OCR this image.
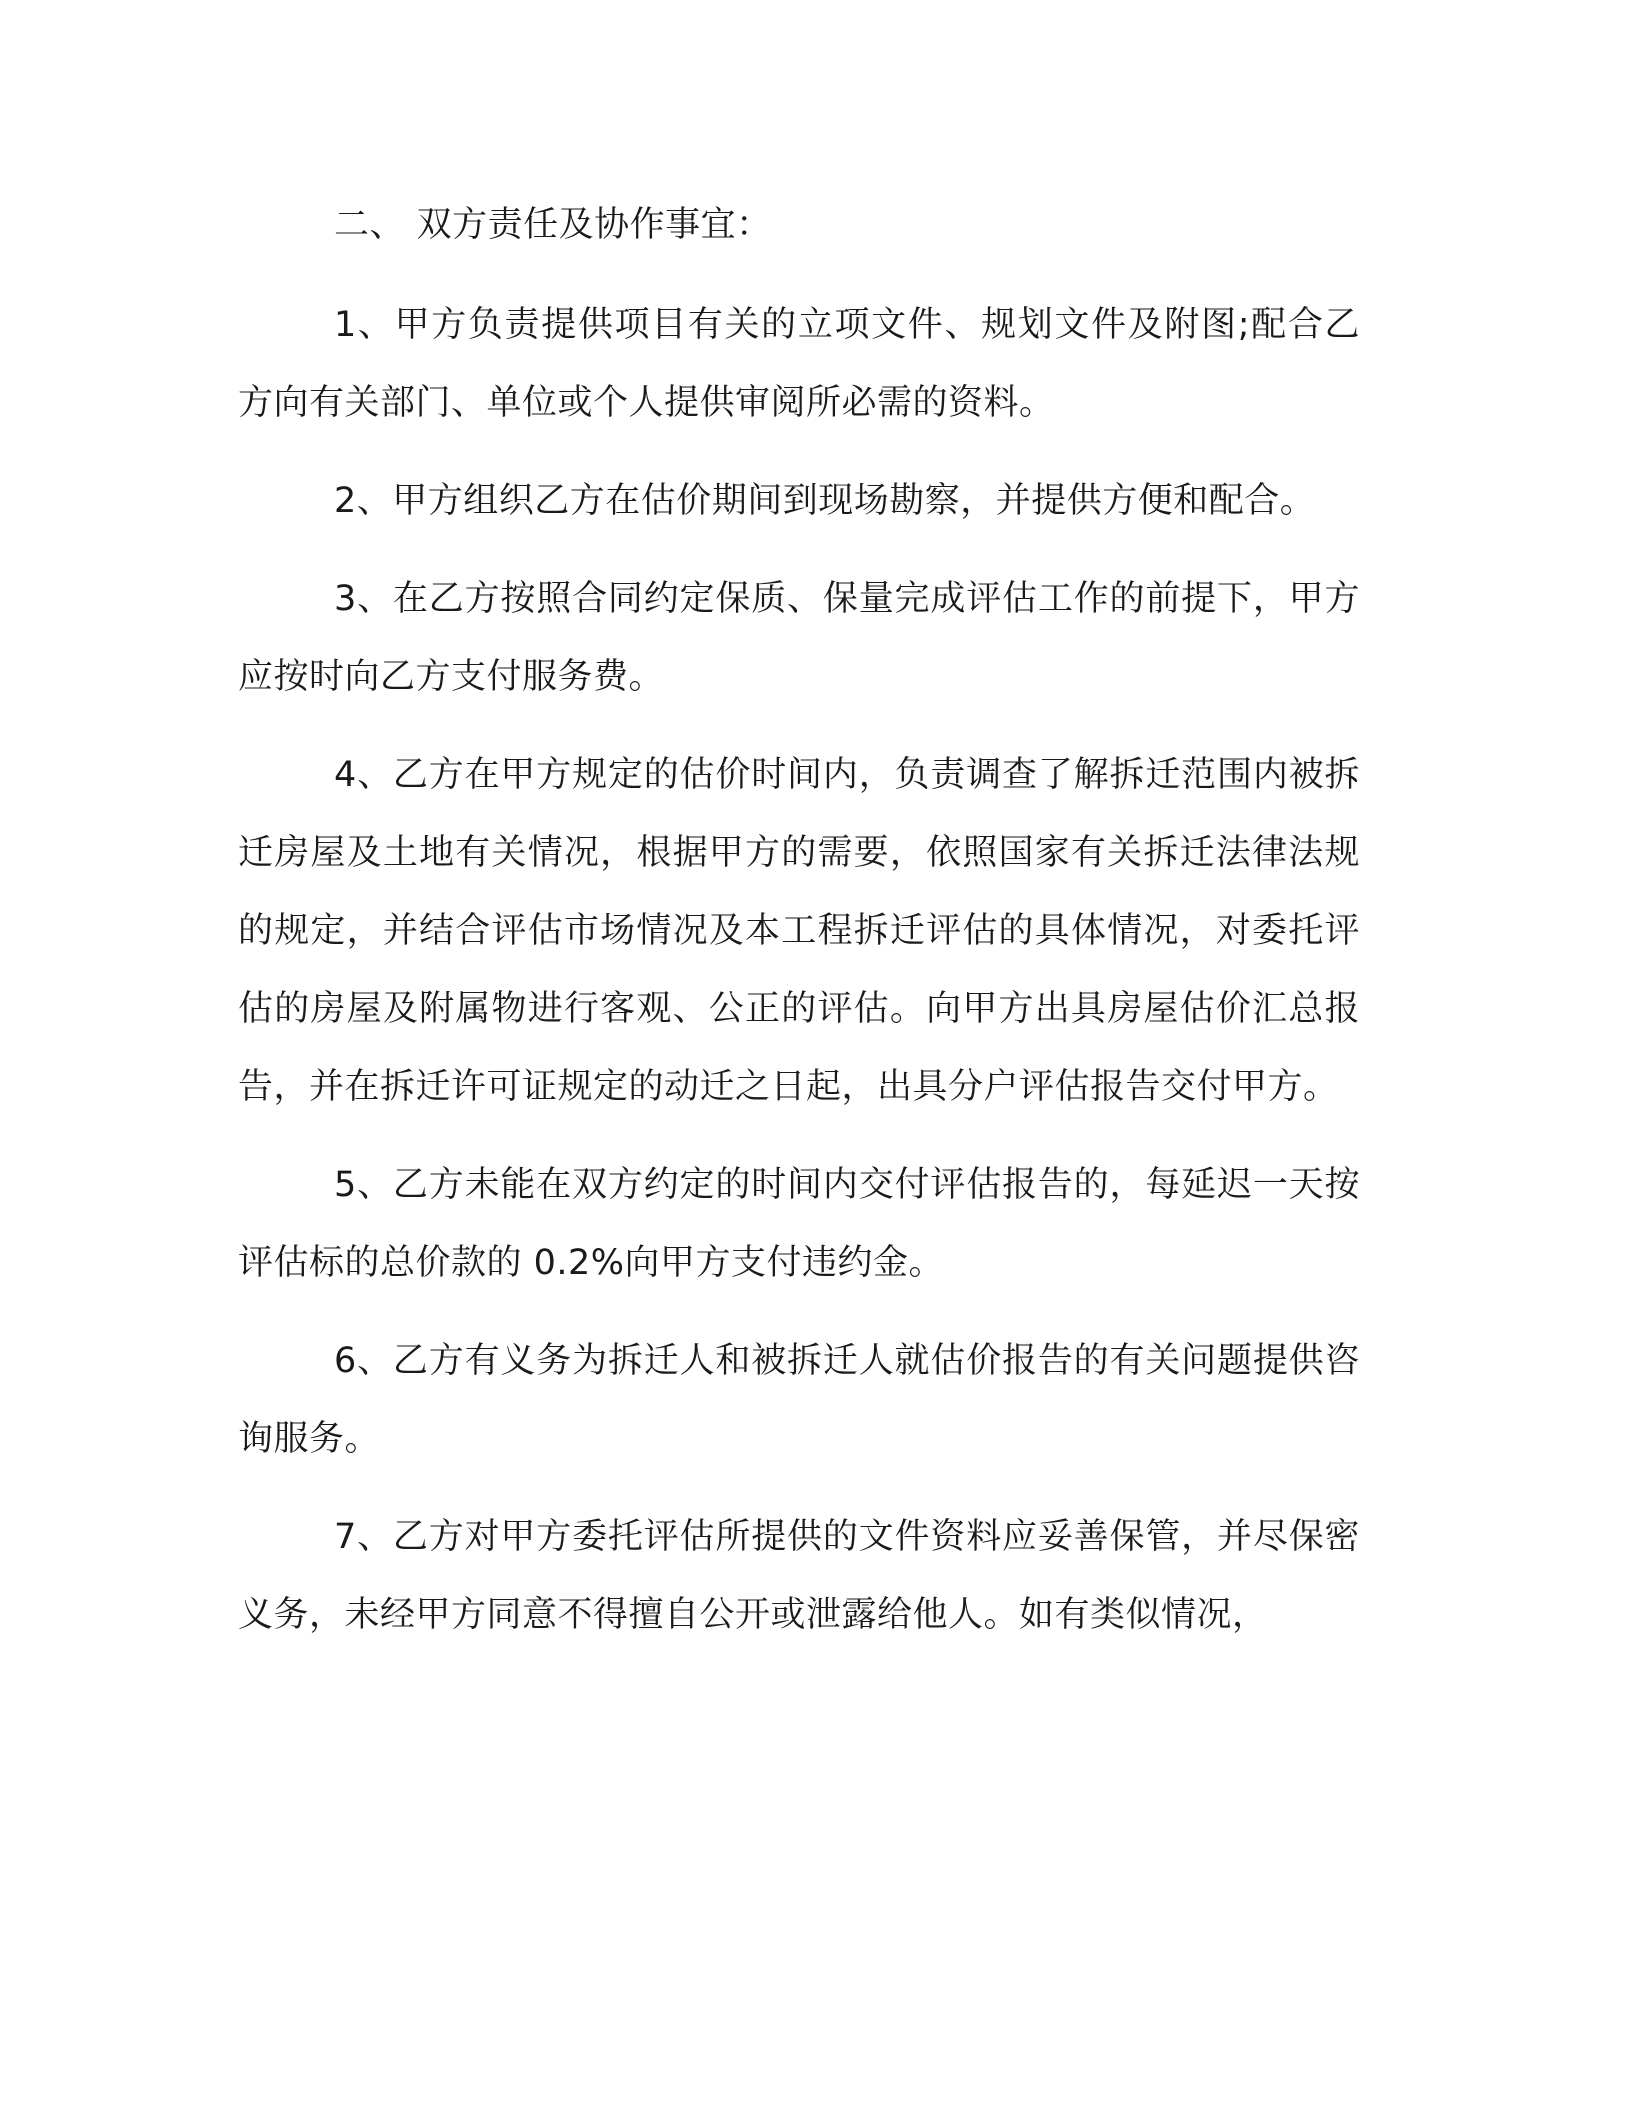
二、 双方责任及协作事宜：

1、甲方负责提供项目有关的立项文件、规划文件及附图;配合乙方向有关部门、单位或个人提供审阅所必需的资料。

2、甲方组织乙方在估价期间到现场勘察，并提供方便和配合。

3、在乙方按照合同约定保质、保量完成评估工作的前提下，甲方应按时向乙方支付服务费。

4、乙方在甲方规定的估价时间内，负责调查了解拆迁范围内被拆迁房屋及土地有关情况，根据甲方的需要，依照国家有关拆迁法律法规的规定，并结合评估市场情况及本工程拆迁评估的具体情况，对委托评估的房屋及附属物进行客观、公正的评估。向甲方出具房屋估价汇总报告，并在拆迁许可证规定的动迁之日起，出具分户评估报告交付甲方。

5、乙方未能在双方约定的时间内交付评估报告的，每延迟一天按评估标的总价款的 0.2%向甲方支付违约金。

6、乙方有义务为拆迁人和被拆迁人就估价报告的有关问题提供咨询服务。

7、乙方对甲方委托评估所提供的文件资料应妥善保管，并尽保密义务，未经甲方同意不得擅自公开或泄露给他人。如有类似情况，
